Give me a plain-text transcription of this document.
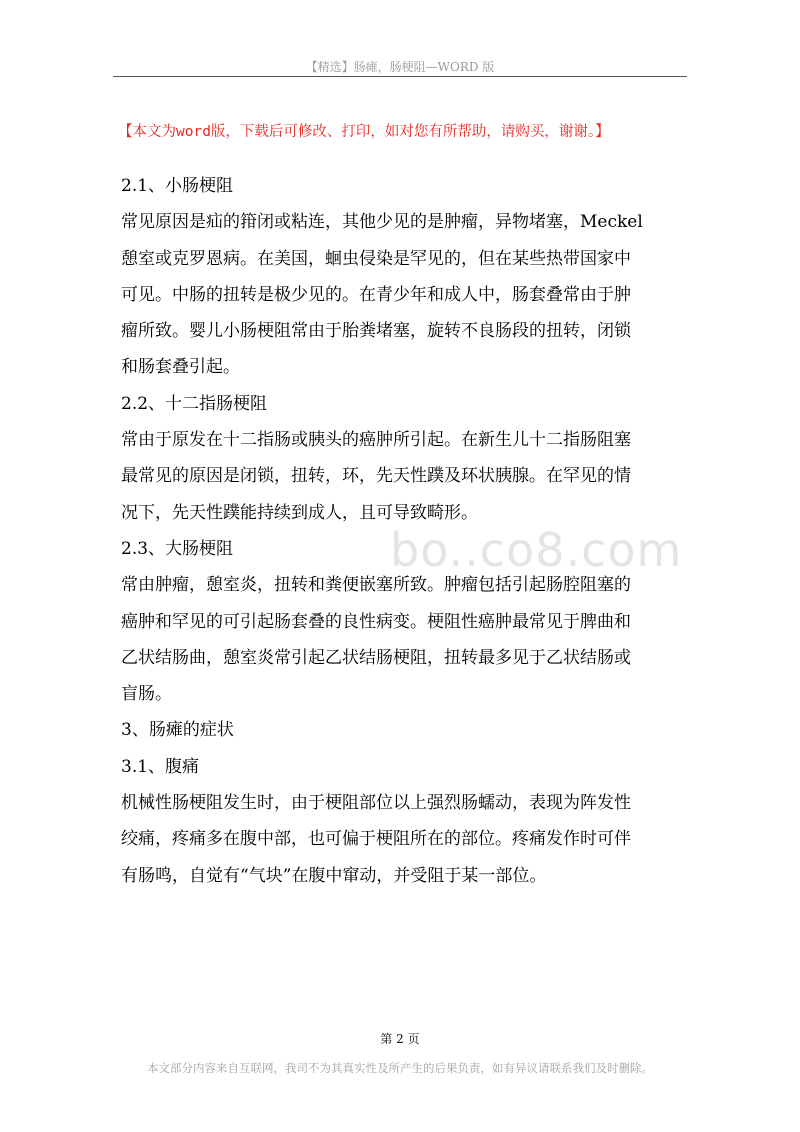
【精选】肠瘫，肠梗阻—WORD 版
【本文为word版，下载后可修改、打印，如对您有所帮助，请购买，谢谢。】
bo..co8.com

2.1、小肠梗阻

常见原因是疝的箝闭或粘连，其他少见的是肿瘤，异物堵塞，Meckel

憩室或克罗恩病。在美国，蛔虫侵染是罕见的，但在某些热带国家中

可见。中肠的扭转是极少见的。在青少年和成人中，肠套叠常由于肿

瘤所致。婴儿小肠梗阻常由于胎粪堵塞，旋转不良肠段的扭转，闭锁

和肠套叠引起。

2.2、十二指肠梗阻

常由于原发在十二指肠或胰头的癌肿所引起。在新生儿十二指肠阻塞

最常见的原因是闭锁，扭转，环，先天性蹼及环状胰腺。在罕见的情

况下，先天性蹼能持续到成人，且可导致畸形。

2.3、大肠梗阻

常由肿瘤，憩室炎，扭转和粪便嵌塞所致。肿瘤包括引起肠腔阻塞的

癌肿和罕见的可引起肠套叠的良性病变。梗阻性癌肿最常见于脾曲和

乙状结肠曲，憩室炎常引起乙状结肠梗阻，扭转最多见于乙状结肠或

盲肠。

3、肠瘫的症状

3.1、腹痛

机械性肠梗阻发生时，由于梗阻部位以上强烈肠蠕动，表现为阵发性

绞痛，疼痛多在腹中部，也可偏于梗阻所在的部位。疼痛发作时可伴

有肠鸣，自觉有“气块”在腹中窜动，并受阻于某一部位。

第 2 页
本文部分内容来自互联网，我司不为其真实性及所产生的后果负责，如有异议请联系我们及时删除。
